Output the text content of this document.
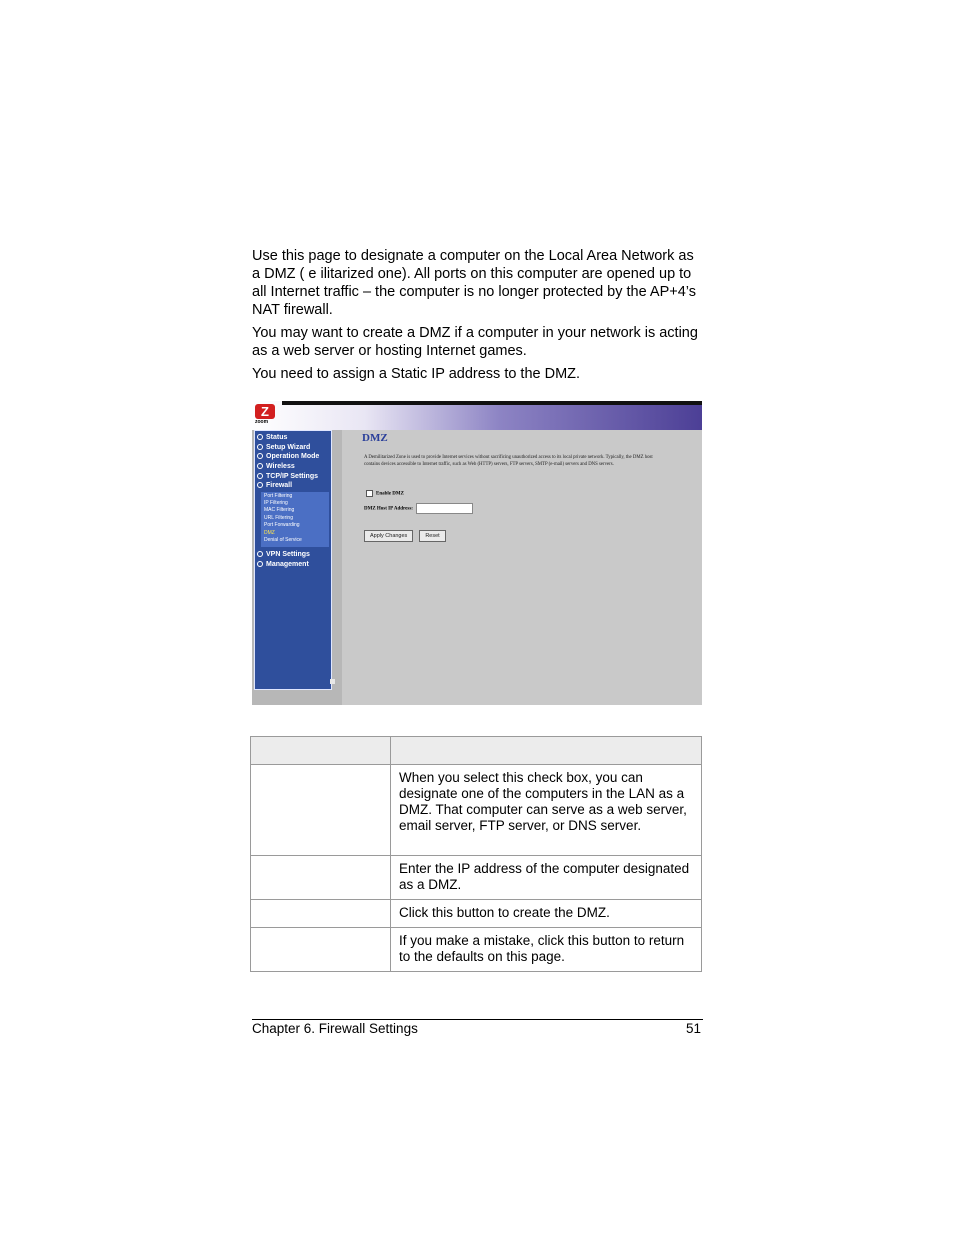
Use this page to designate a computer on the Local Area Network as a DMZ ( e ilitarized one). All ports on this computer are opened up to all Internet traffic – the computer is no longer protected by the AP+4’s NAT firewall.

You may want to create a DMZ if a computer in your network is acting as a web server or hosting Internet games.

You need to assign a Static IP address to the DMZ.

Z
zoom
Status
Setup Wizard
Operation Mode
Wireless
TCP/IP Settings
Firewall
Port Filtering
IP Filtering
MAC Filtering
URL Filtering
Port Forwarding
DMZ
Denial of Service
VPN Settings
Management
DMZ
A Demilitarized Zone is used to provide Internet services without sacrificing unauthorized access to its local private network. Typically, the DMZ host contains devices accessible to Internet traffic, such as Web (HTTP) servers, FTP servers, SMTP (e-mail) servers and DNS servers.
Enable DMZ
DMZ Host IP Address:
Apply Changes	Reset

	When you select this check box, you can designate one of the computers in the LAN as a DMZ. That computer can serve as a web server, email server, FTP server, or DNS server.
	Enter the IP address of the computer designated as a DMZ.
	Click this button to create the DMZ.
	If you make a mistake, click this button to return to the defaults on this page.
Chapter 6. Firewall Settings	51
